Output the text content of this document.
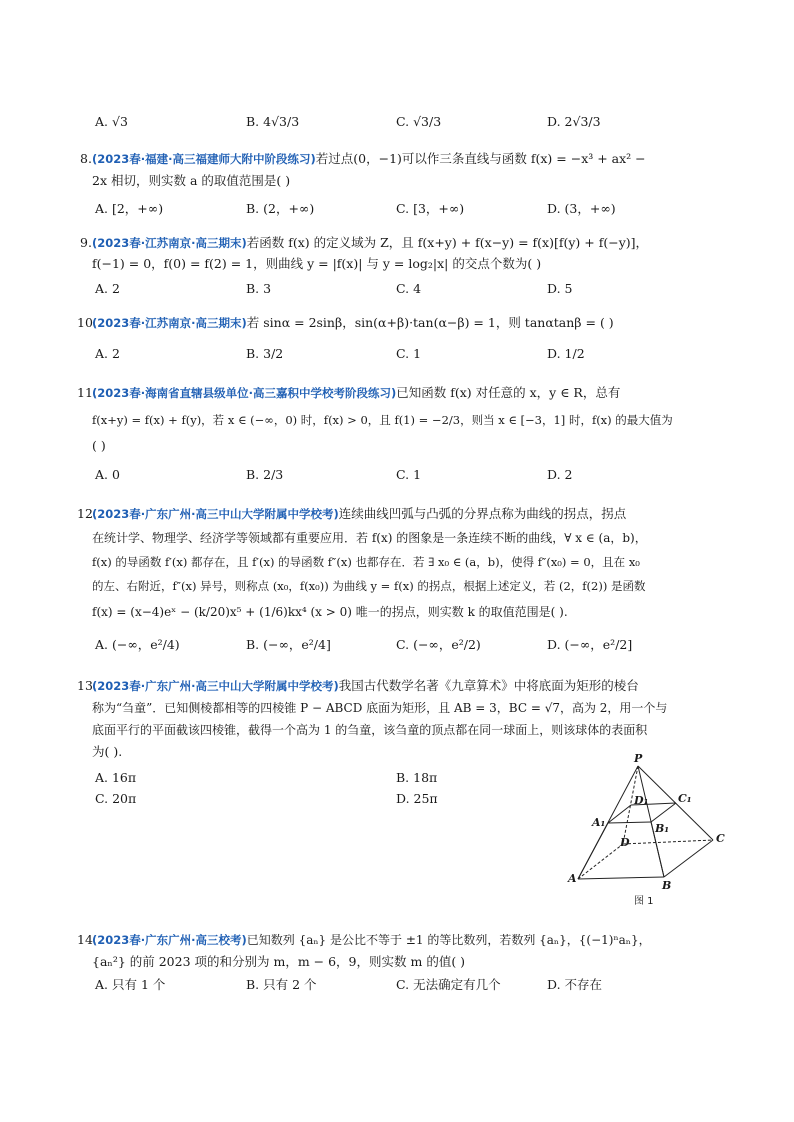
A. √3	B. 4√3/3	C. √3/3	D. 2√3/3
8. (2023春·福建·高三福建师大附中阶段练习)若过点(0，−1)可以作三条直线与函数 f(x) = −x³ + ax² −
2x 相切，则实数 a 的取值范围是( )
A. [2，+∞)	B. (2，+∞)	C. [3，+∞)	D. (3，+∞)
9. (2023春·江苏南京·高三期末)若函数 f(x) 的定义域为 Z，且 f(x+y) + f(x−y) = f(x)[f(y) + f(−y)]，
f(−1) = 0，f(0) = f(2) = 1，则曲线 y = |f(x)| 与 y = log₂|x| 的交点个数为( )
A. 2	B. 3	C. 4	D. 5
10.
(2023春·江苏南京·高三期末)若 sinα = 2sinβ，sin(α+β)·tan(α−β) = 1，则 tanαtanβ = ( )
A. 2	B. 3/2	C. 1	D. 1/2
11.
(2023春·海南省直辖县级单位·高三嘉积中学校考阶段练习)已知函数 f(x) 对任意的 x，y ∈ R，总有
f(x+y) = f(x) + f(y)，若 x ∈ (−∞，0) 时，f(x) > 0，且 f(1) = −2/3，则当 x ∈ [−3，1] 时，f(x) 的最大值为
( )
A. 0	B. 2/3	C. 1	D. 2
12.
(2023春·广东广州·高三中山大学附属中学校考)连续曲线凹弧与凸弧的分界点称为曲线的拐点，拐点
在统计学、物理学、经济学等领域都有重要应用．若 f(x) 的图象是一条连续不断的曲线，∀ x ∈ (a，b)，
f(x) 的导函数 f′(x) 都存在，且 f′(x) 的导函数 f″(x) 也都存在．若 ∃ x₀ ∈ (a，b)，使得 f″(x₀) = 0，且在 x₀
的左、右附近，f″(x) 异号，则称点 (x₀，f(x₀)) 为曲线 y = f(x) 的拐点，根据上述定义，若 (2，f(2)) 是函数
f(x) = (x−4)eˣ − (k/20)x⁵ + (1/6)kx⁴ (x > 0) 唯一的拐点，则实数 k 的取值范围是( ).
A. (−∞，e²/4)	B. (−∞，e²/4]	C. (−∞，e²/2)	D. (−∞，e²/2]
13.
(2023春·广东广州·高三中山大学附属中学校考)我国古代数学名著《九章算术》中将底面为矩形的棱台
称为“刍童”．已知侧棱都相等的四棱锥 P − ABCD 底面为矩形，且 AB = 3，BC = √7，高为 2，用一个与
底面平行的平面截该四棱锥，截得一个高为 1 的刍童，该刍童的顶点都在同一球面上，则该球体的表面积
为( ).
A. 16π	B. 18π
C. 20π	D. 25π
P
D₁	C₁
A₁	B₁
D	C
A
B
图 1
14.
(2023春·广东广州·高三校考)已知数列 {aₙ} 是公比不等于 ±1 的等比数列，若数列 {aₙ}，{(−1)ⁿaₙ}，
{aₙ²} 的前 2023 项的和分别为 m，m − 6，9，则实数 m 的值( )
A. 只有 1 个	B. 只有 2 个	C. 无法确定有几个	D. 不存在
